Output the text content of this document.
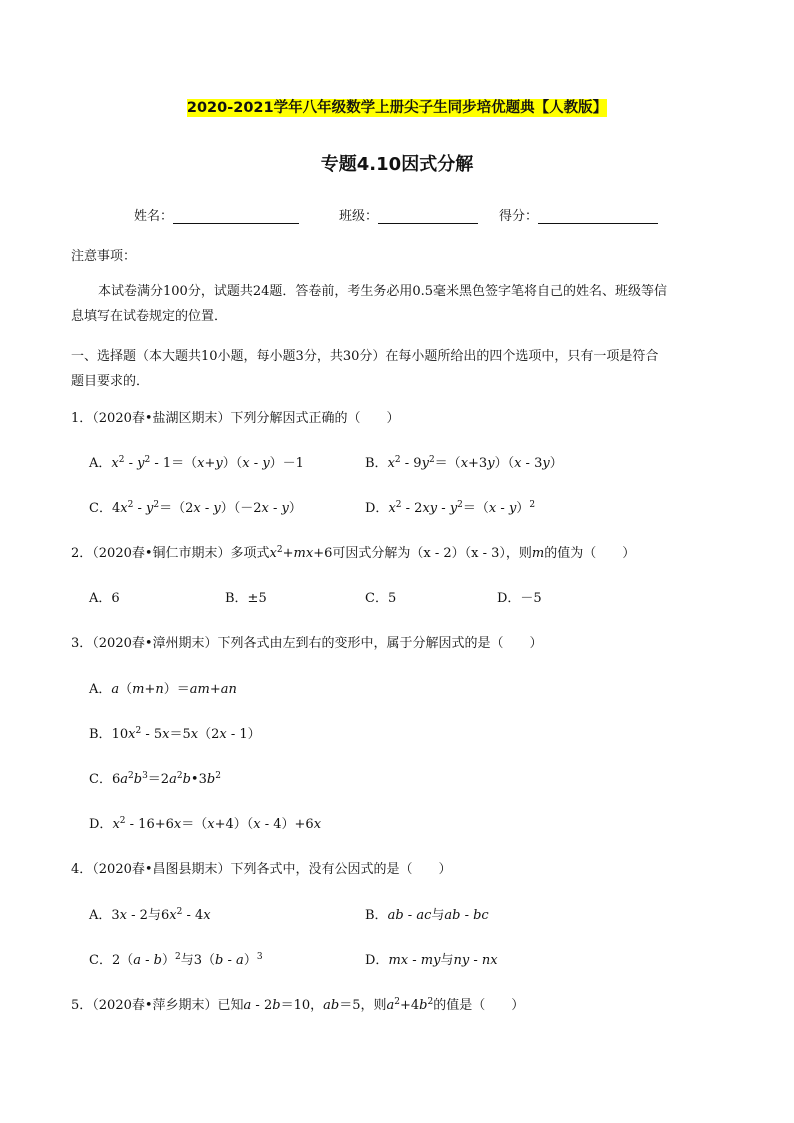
2020-2021学年八年级数学上册尖子生同步培优题典【人教版】
专题4.10因式分解
姓名：	班级：	得分：
注意事项：
本试卷满分100分，试题共24题．答卷前，考生务必用0.5毫米黑色签字笔将自己的姓名、班级等信
息填写在试卷规定的位置．
一、选择题（本大题共10小题，每小题3分，共30分）在每小题所给出的四个选项中，只有一项是符合
题目要求的．
1．（2020春•盐湖区期末）下列分解因式正确的（　　）
A．$x^2 - y^2 - 1=(x+y)(x - y)-1$	B．$x^2 - 9y^2=(x+3y)(x - 3y)$
C．$4x^2 - y^2=(2x - y)(-2x - y)$	D．$x^2 - 2xy - y^2=(x - y)^2$
2．（2020春•铜仁市期末）多项式$x^2+mx+6$可因式分解为（x - 2）（x - 3），则m的值为（　　）
A．6	B．±5	C．5	D．－5
3．（2020春•漳州期末）下列各式由左到右的变形中，属于分解因式的是（　　）
A．a（m+n）＝am+an
B．$10x^2 - 5x=5x(2x - 1)$
C．$6a^2b^3=2a^2b•3b^2$
D．$x^2 - 16+6x=(x+4)(x - 4)+6x$
4．（2020春•昌图县期末）下列各式中，没有公因式的是（　　）
A．3x - 2与$6x^2 - 4x$	B．ab - ac与ab - bc
C．2（a - b）$^2$与3（b - a）$^3$	D．mx - my与ny - nx
5．（2020春•萍乡期末）已知a - 2b＝10，ab＝5，则$a^2+4b^2$的值是（　　）
